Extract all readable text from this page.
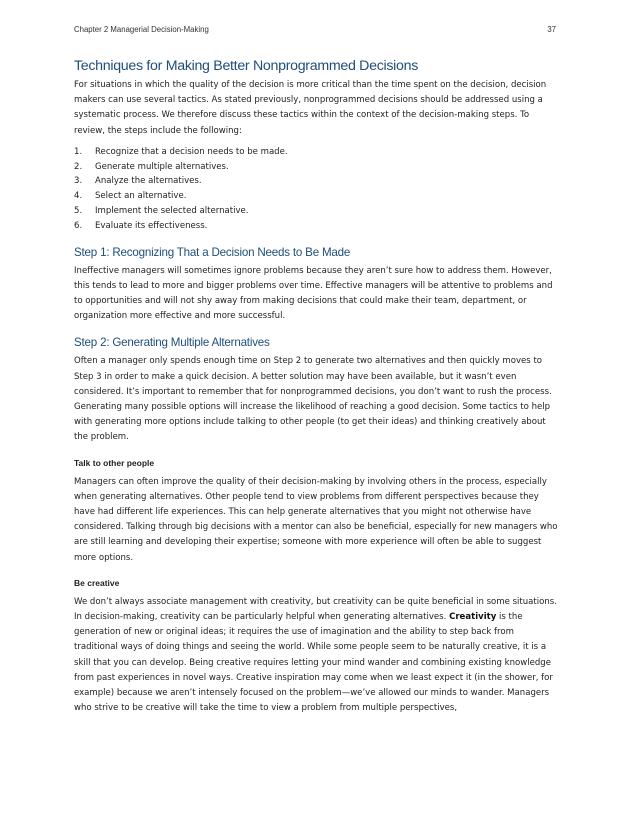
Chapter 2 Managerial Decision-Making	37
Techniques for Making Better Nonprogrammed Decisions

For situations in which the quality of the decision is more critical than the time spent on the decision, decision makers can use several tactics. As stated previously, nonprogrammed decisions should be addressed using a systematic process. We therefore discuss these tactics within the context of the decision-making steps. To review, the steps include the following:

1.	Recognize that a decision needs to be made.
2.	Generate multiple alternatives.
3.	Analyze the alternatives.
4.	Select an alternative.
5.	Implement the selected alternative.
6.	Evaluate its effectiveness.
Step 1: Recognizing That a Decision Needs to Be Made

Ineffective managers will sometimes ignore problems because they aren’t sure how to address them. However, this tends to lead to more and bigger problems over time. Effective managers will be attentive to problems and to opportunities and will not shy away from making decisions that could make their team, department, or organization more effective and more successful.

Step 2: Generating Multiple Alternatives

Often a manager only spends enough time on Step 2 to generate two alternatives and then quickly moves to Step 3 in order to make a quick decision. A better solution may have been available, but it wasn’t even considered. It’s important to remember that for nonprogrammed decisions, you don’t want to rush the process. Generating many possible options will increase the likelihood of reaching a good decision. Some tactics to help with generating more options include talking to other people (to get their ideas) and thinking creatively about the problem.

Talk to other people

Managers can often improve the quality of their decision-making by involving others in the process, especially when generating alternatives. Other people tend to view problems from different perspectives because they have had different life experiences. This can help generate alternatives that you might not otherwise have considered. Talking through big decisions with a mentor can also be beneficial, especially for new managers who are still learning and developing their expertise; someone with more experience will often be able to suggest more options.

Be creative

We don’t always associate management with creativity, but creativity can be quite beneficial in some situations. In decision-making, creativity can be particularly helpful when generating alternatives. Creativity is the generation of new or original ideas; it requires the use of imagination and the ability to step back from traditional ways of doing things and seeing the world. While some people seem to be naturally creative, it is a skill that you can develop. Being creative requires letting your mind wander and combining existing knowledge from past experiences in novel ways. Creative inspiration may come when we least expect it (in the shower, for example) because we aren’t intensely focused on the problem—we’ve allowed our minds to wander. Managers who strive to be creative will take the time to view a problem from multiple perspectives,
